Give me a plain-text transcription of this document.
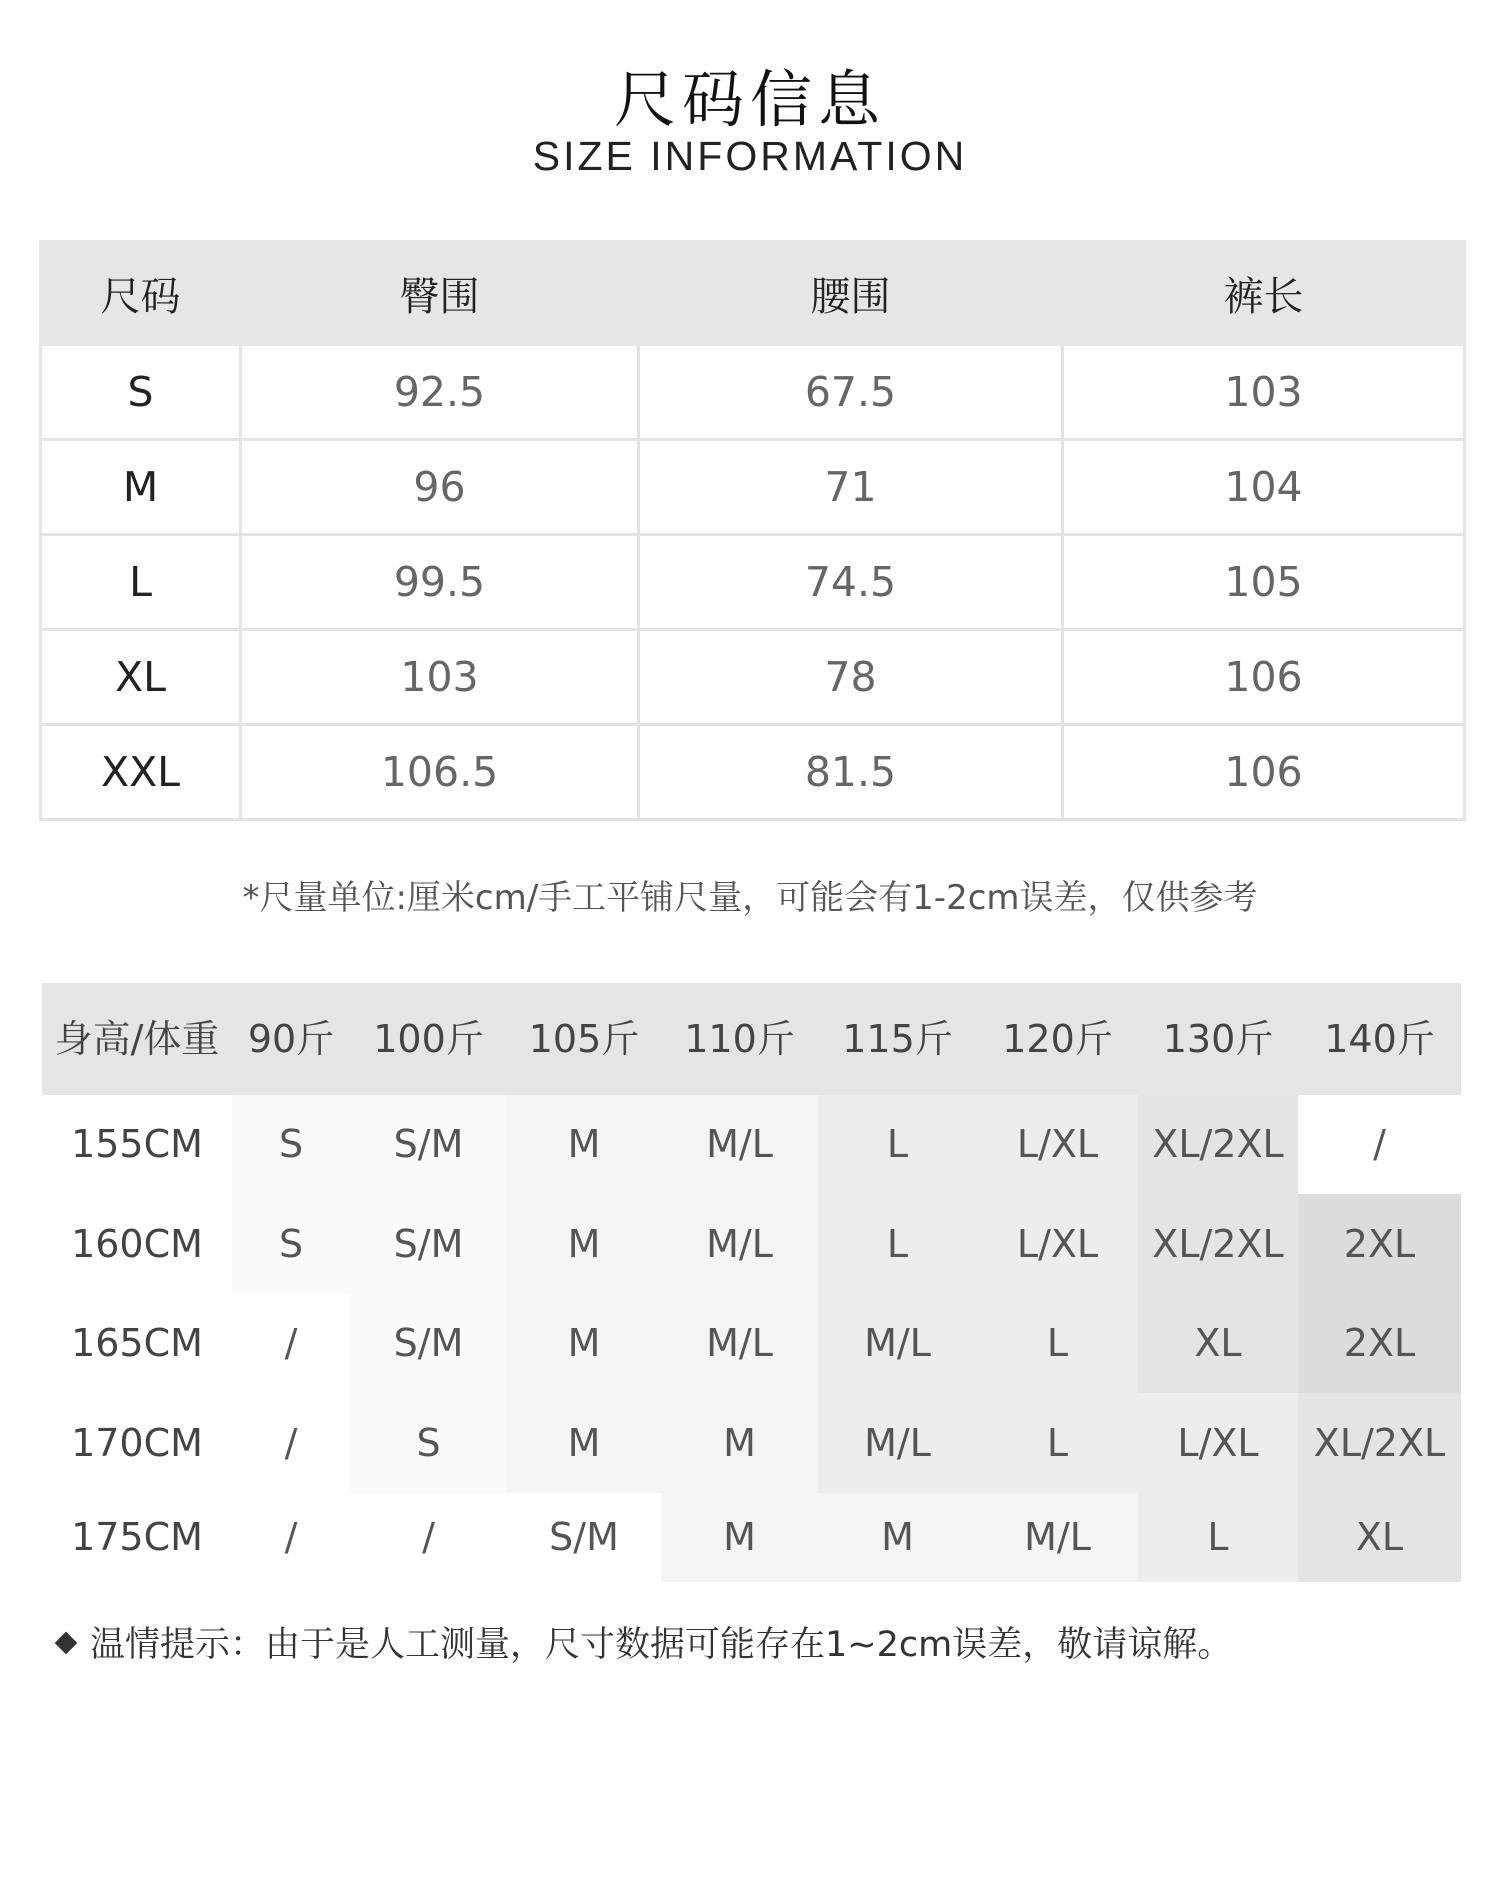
尺码信息
SIZE INFORMATION
尺码	臀围	腰围	裤长
S	92.5	67.5	103
M	96	71	104
L	99.5	74.5	105
XL	103	78	106
XXL	106.5	81.5	106
*尺量单位:厘米cm/手工平铺尺量，可能会有1-2cm误差，仅供参考
身高/体重 90斤	100斤	105斤	110斤	115斤	120斤	130斤	140斤
155CM	S	S/M	M	M/L	L	L/XL	XL/2XL	/
160CM	S	S/M	M	M/L	L	L/XL	XL/2XL	2XL
165CM	/	S/M	M	M/L	M/L	L	XL	2XL
170CM	/	S	M	M	M/L	L	L/XL	XL/2XL
175CM	/	/	S/M	M	M	M/L	L	XL
温情提示：由于是人工测量，尺寸数据可能存在1~2cm误差，敬请谅解。
